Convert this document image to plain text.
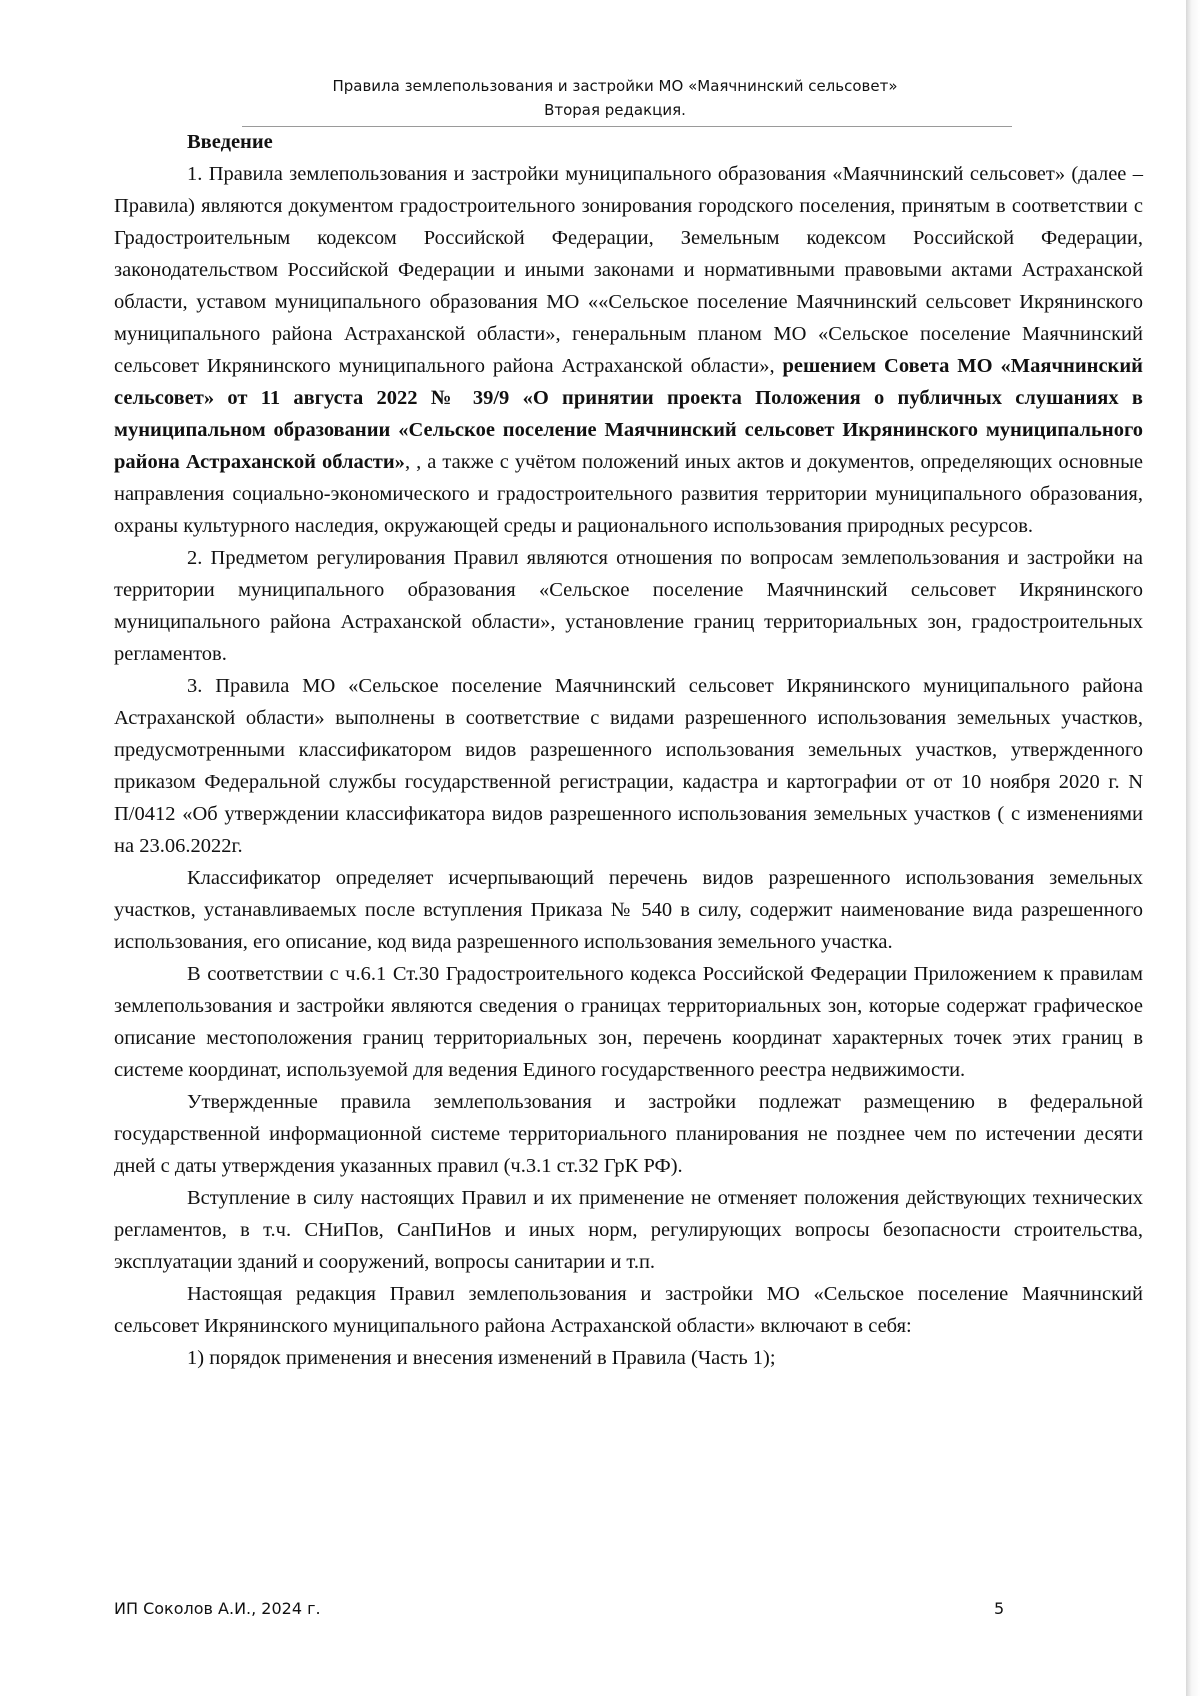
Правила землепользования и застройки МО «Маячнинский сельсовет»
Вторая редакция.
Введение

1. Правила землепользования и застройки муниципального образования «Маячнинский сельсовет» (далее – Правила) являются документом градостроительного зонирования городского поселения, принятым в соответствии с Градостроительным кодексом Российской Федерации, Земельным кодексом Российской Федерации, законодательством Российской Федерации и иными законами и нормативными правовыми актами Астраханской области, уставом муниципального образования МО ««Сельское поселение Маячнинский сельсовет Икрянинского муниципального района Астраханской области», генеральным планом МО «Сельское поселение Маячнинский сельсовет Икрянинского муниципального района Астраханской области», решением Совета МО «Маячнинский сельсовет» от 11 августа 2022 № 39/9 «О принятии проекта Положения о публичных слушаниях в муниципальном образовании «Сельское поселение Маячнинский сельсовет Икрянинского муниципального района Астраханской области», , а также с учётом положений иных актов и документов, определяющих основные направления социально-экономического и градостроительного развития территории муниципального образования, охраны культурного наследия, окружающей среды и рационального использования природных ресурсов.

2. Предметом регулирования Правил являются отношения по вопросам землепользования и застройки на территории муниципального образования «Сельское поселение Маячнинский сельсовет Икрянинского муниципального района Астраханской области», установление границ территориальных зон, градостроительных регламентов.

3. Правила МО «Сельское поселение Маячнинский сельсовет Икрянинского муниципального района Астраханской области» выполнены в соответствие с видами разрешенного использования земельных участков, предусмотренными классификатором видов разрешенного использования земельных участков, утвержденного приказом Федеральной службы государственной регистрации, кадастра и картографии от от 10 ноября 2020 г. N П/0412 «Об утверждении классификатора видов разрешенного использования земельных участков ( с изменениями на 23.06.2022г.

Классификатор определяет исчерпывающий перечень видов разрешенного использования земельных участков, устанавливаемых после вступления Приказа № 540 в силу, содержит наименование вида разрешенного использования, его описание, код вида разрешенного использования земельного участка.

В соответствии с ч.6.1 Ст.30 Градостроительного кодекса Российской Федерации Приложением к правилам землепользования и застройки являются сведения о границах территориальных зон, которые содержат графическое описание местоположения границ территориальных зон, перечень координат характерных точек этих границ в системе координат, используемой для ведения Единого государственного реестра недвижимости.

Утвержденные правила землепользования и застройки подлежат размещению в федеральной государственной информационной системе территориального планирования не позднее чем по истечении десяти дней с даты утверждения указанных правил (ч.3.1 ст.32 ГрК РФ).

Вступление в силу настоящих Правил и их применение не отменяет положения действующих технических регламентов, в т.ч. СНиПов, СанПиНов и иных норм, регулирующих вопросы безопасности строительства, эксплуатации зданий и сооружений, вопросы санитарии и т.п.

Настоящая редакция Правил землепользования и застройки МО «Сельское поселение Маячнинский сельсовет Икрянинского муниципального района Астраханской области» включают в себя:

1) порядок применения и внесения изменений в Правила (Часть 1);

ИП Соколов А.И., 2024 г.	5
